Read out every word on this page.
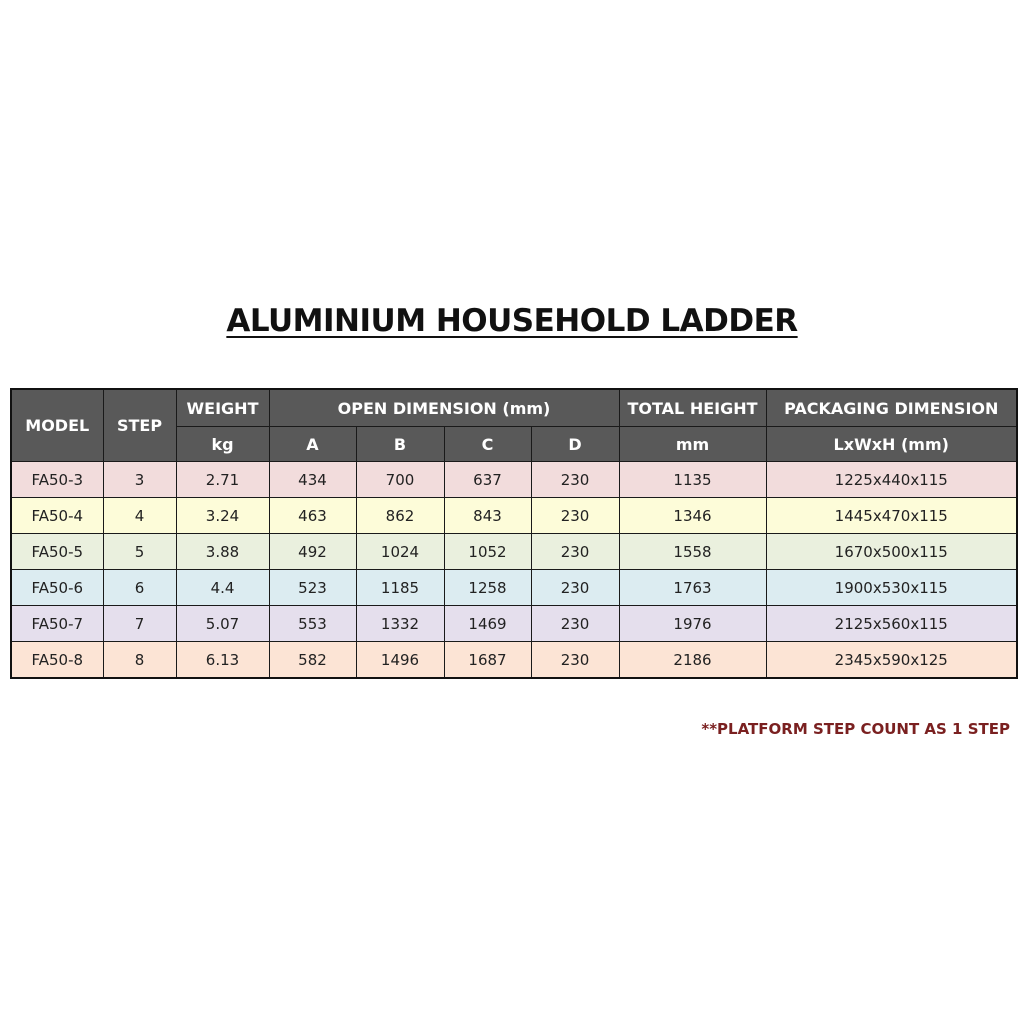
ALUMINIUM HOUSEHOLD LADDER
MODEL	STEP	WEIGHT	OPEN DIMENSION (mm)				TOTAL HEIGHT	PACKAGING DIMENSION
		kg	A	B	C	D	mm	LxWxH (mm)
FA50-3	3	2.71	434	700	637	230	1135	1225x440x115
FA50-4	4	3.24	463	862	843	230	1346	1445x470x115
FA50-5	5	3.88	492	1024	1052	230	1558	1670x500x115
FA50-6	6	4.4	523	1185	1258	230	1763	1900x530x115
FA50-7	7	5.07	553	1332	1469	230	1976	2125x560x115
FA50-8	8	6.13	582	1496	1687	230	2186	2345x590x125
**PLATFORM STEP COUNT AS 1 STEP
